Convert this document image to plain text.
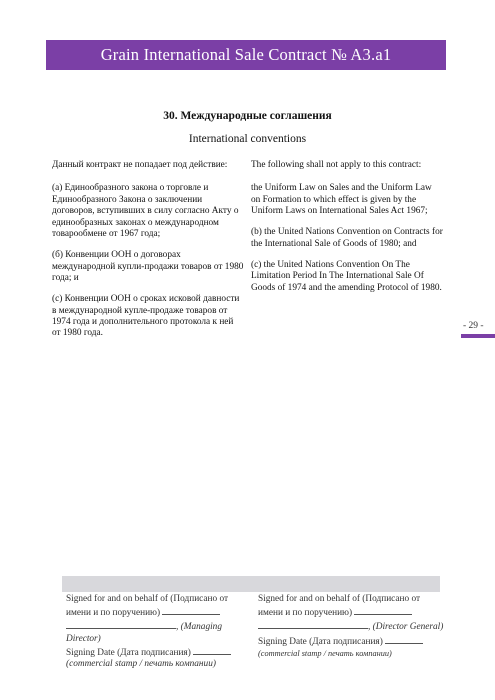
Grain International Sale Contract № A3.a1
30. Международные соглашения
International conventions

Данный контракт не попадает под действие:

(а) Единообразного закона о торговле и Единообразного Закона о заключении договоров, вступивших в силу согласно Акту о единообразных законах о международном товарообмене от 1967 года;

(б) Конвенции ООН о договорах международной купли-продажи товаров от 1980 года; и

(с) Конвенции ООН о сроках исковой давности в международной купле-продаже товаров от 1974 года и дополнительного протокола к ней от 1980 года.

The following shall not apply to this contract:

the Uniform Law on Sales and the Uniform Law on Formation to which effect is given by the Uniform Laws on International Sales Act 1967;

(b) the United Nations Convention on Contracts for the International Sale of Goods of 1980; and

(c) the United Nations Convention On The Limitation Period In The International Sale Of Goods of 1974 and the amending Protocol of 1980.

- 29 -
Signed for and on behalf of (Подписано от имени и по поручению)
, (Managing Director)
Signing Date (Дата подписания)
(commercial stamp / печать компании)
Signed for and on behalf of (Подписано от имени и по поручению)
, (Director General)
Signing Date (Дата подписания)
(commercial stamp / печать компании)
